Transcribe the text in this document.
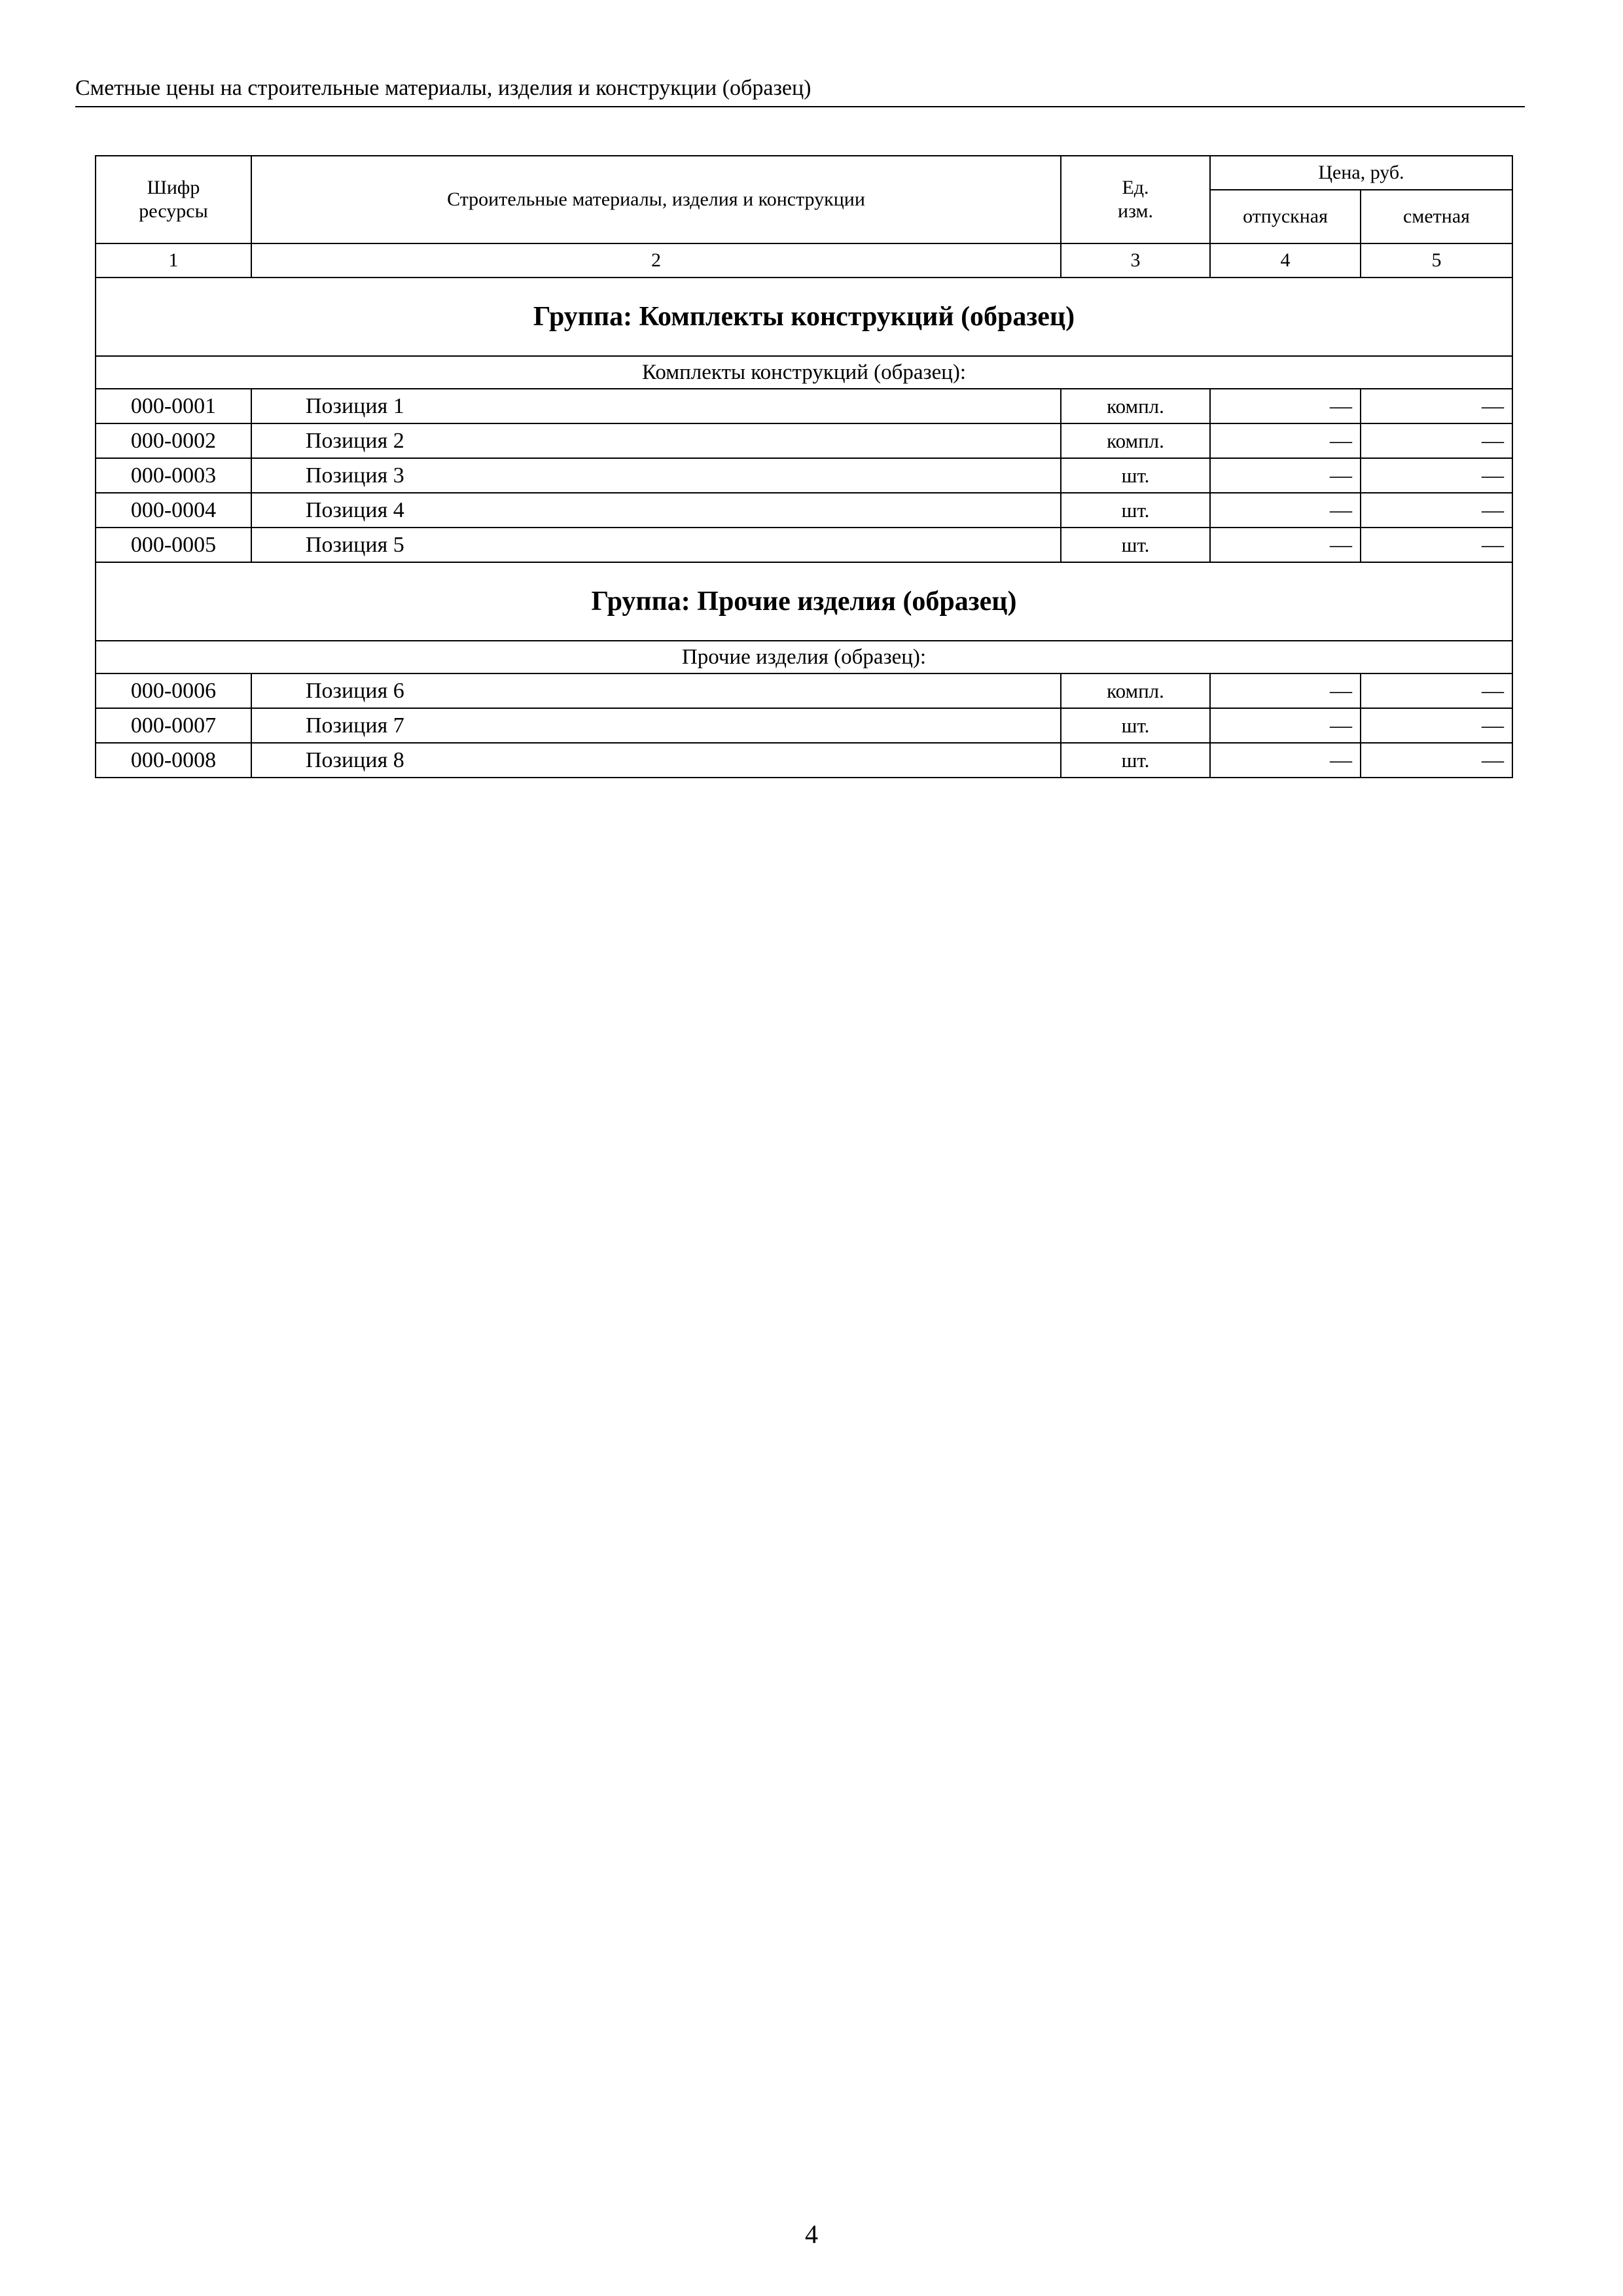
Сметные цены на строительные материалы, изделия и конструкции (образец)
Шифр
ресурсы	Строительные материалы, изделия и конструкции	Ед.
изм.	Цена, руб.	
			отпускная	сметная
1	2	3	4	5
Группа: Комплекты конструкций (образец)				
Комплекты конструкций (образец):				
000-0001	Позиция 1	компл.	—	—
000-0002	Позиция 2	компл.	—	—
000-0003	Позиция 3	шт.	—	—
000-0004	Позиция 4	шт.	—	—
000-0005	Позиция 5	шт.	—	—
Группа: Прочие изделия (образец)				
Прочие изделия (образец):				
000-0006	Позиция 6	компл.	—	—
000-0007	Позиция 7	шт.	—	—
000-0008	Позиция 8	шт.	—	—
4
